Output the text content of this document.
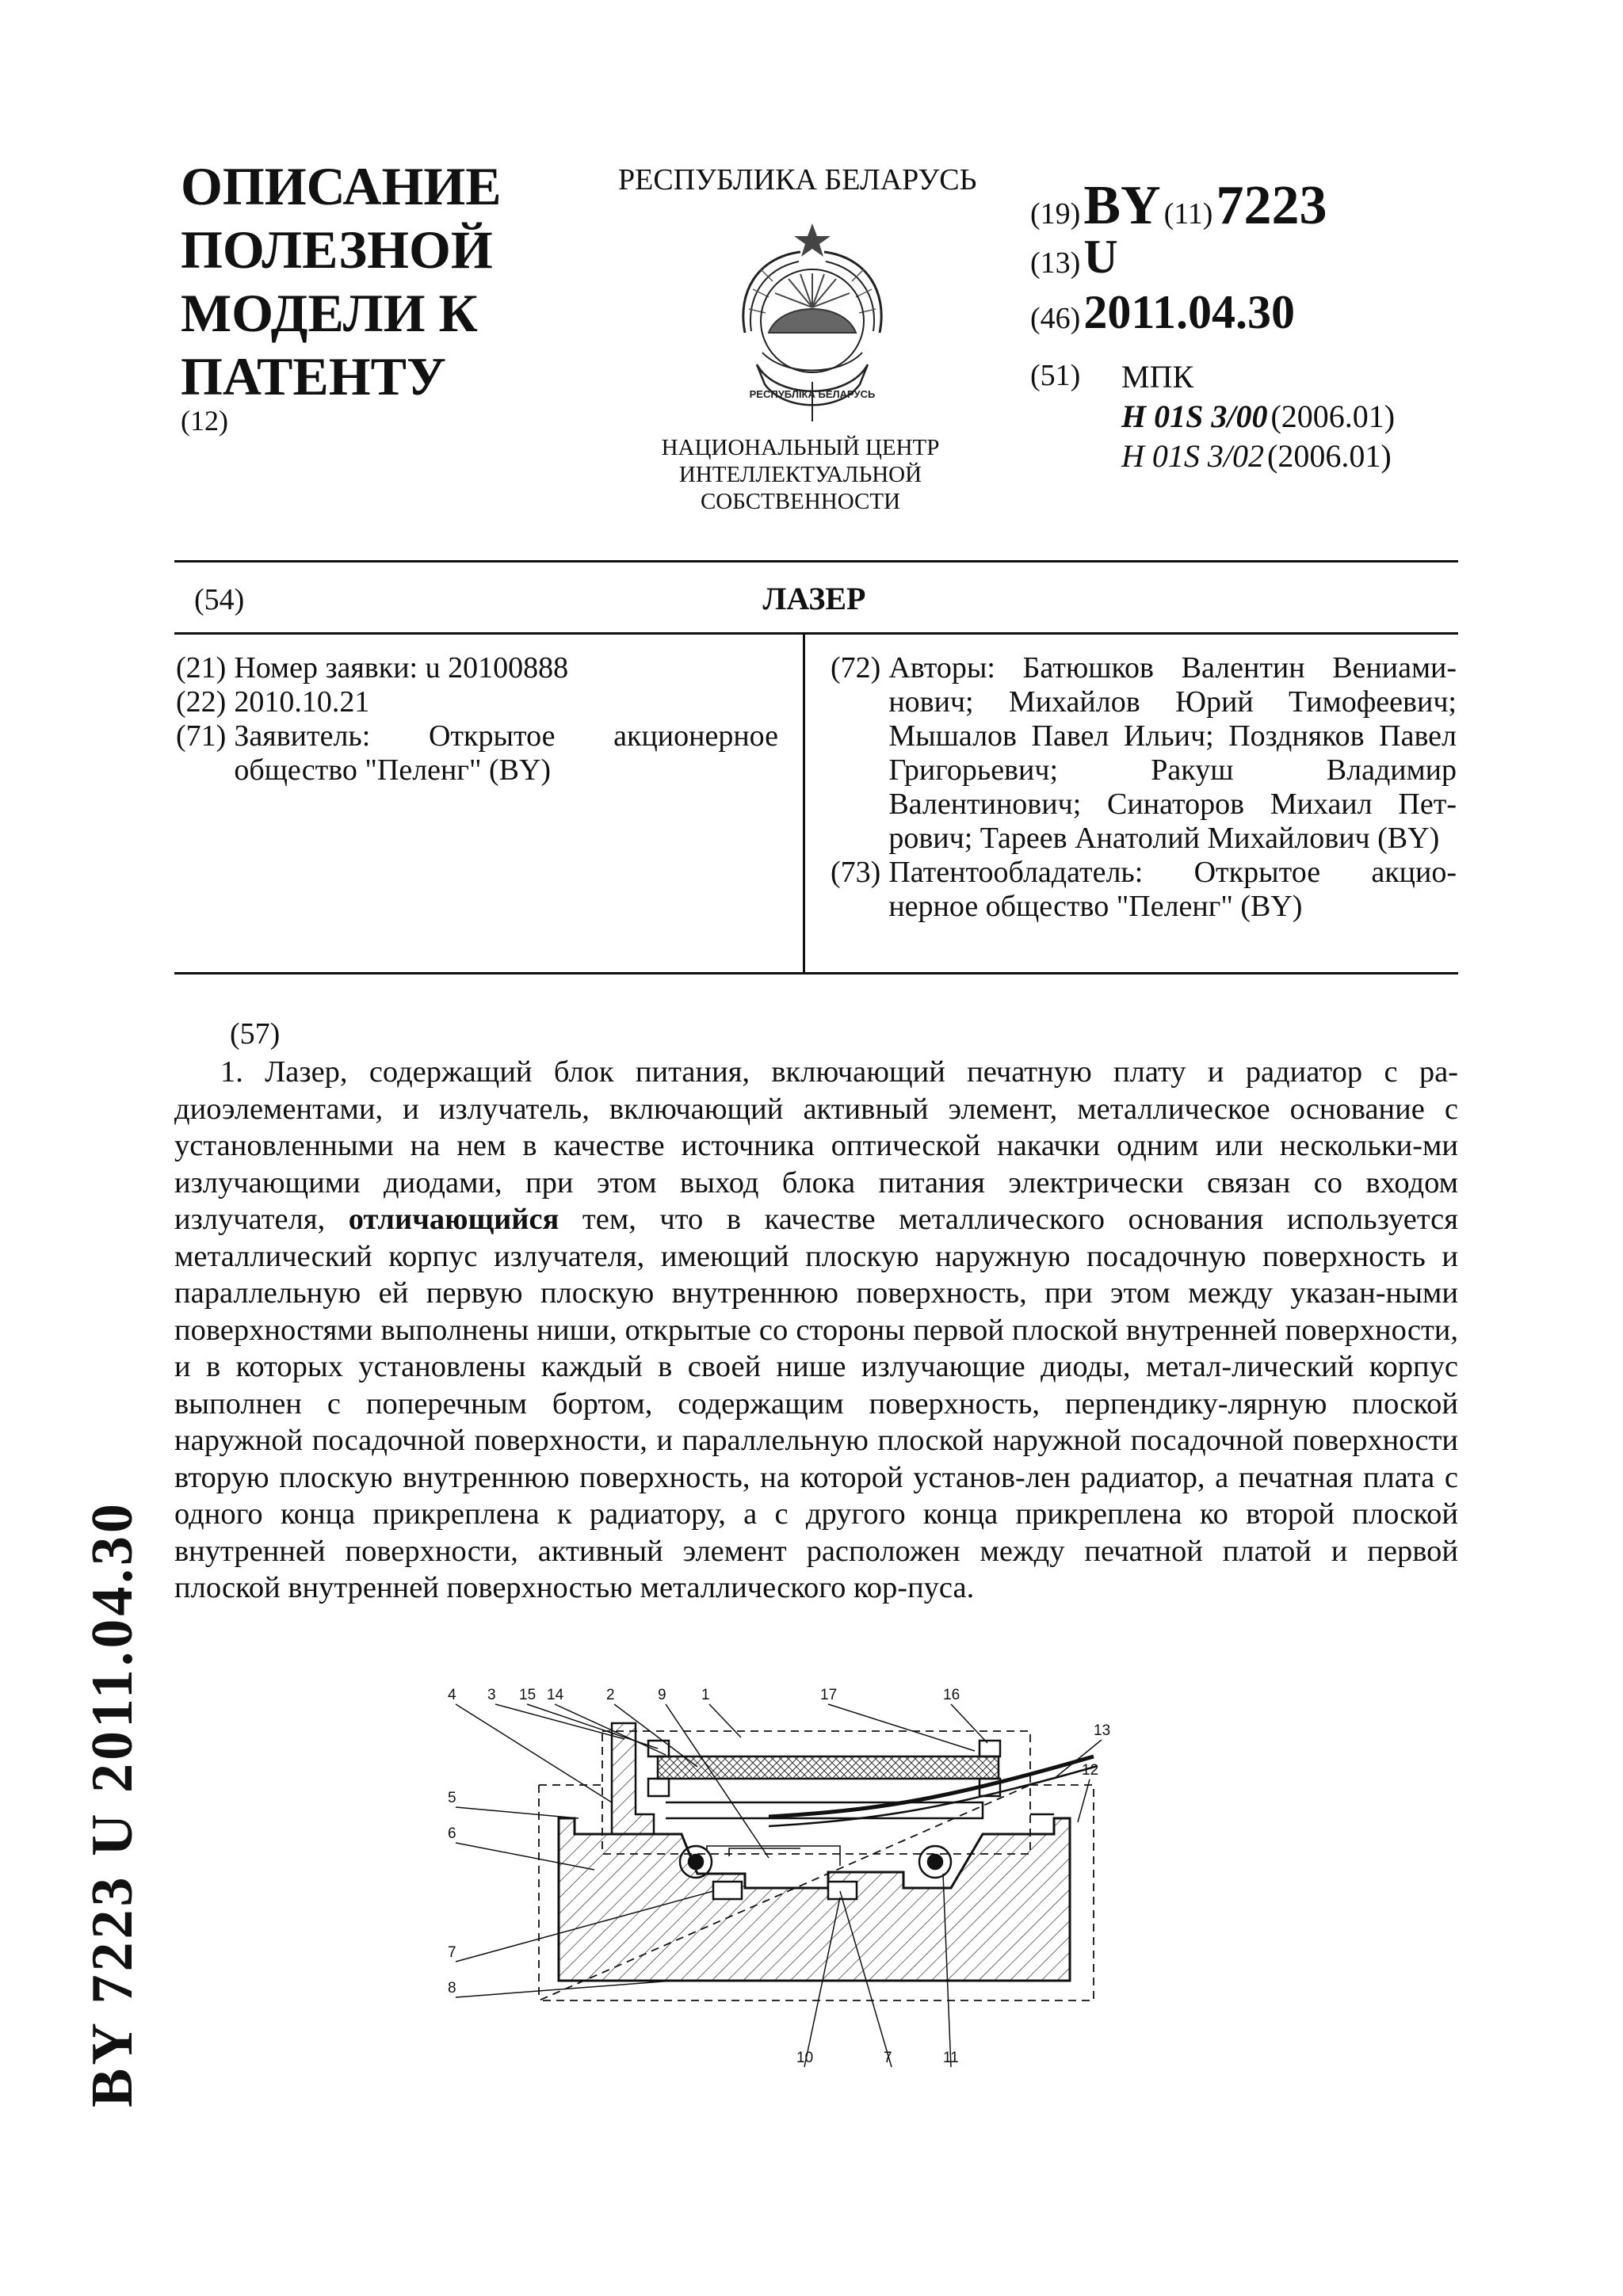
BY 7223 U 2011.04.30
ОПИСАНИЕ
ПОЛЕЗНОЙ
МОДЕЛИ К
ПАТЕНТУ
(12)
РЕСПУБЛИКА БЕЛАРУСЬ
РЕСПУБЛІКА БЕЛАРУСЬ
НАЦИОНАЛЬНЫЙ ЦЕНТР
ИНТЕЛЛЕКТУАЛЬНОЙ
СОБСТВЕННОСТИ
(19) BY (11) 7223
(13) U
(46) 2011.04.30
(51) МПК
H 01S 3/00 (2006.01)
H 01S 3/02 (2006.01)
(54)	ЛАЗЕР
(21) Номер заявки: u 20100888
(22) 2010.10.21
(71) Заявитель: Открытое акционерное общество "Пеленг" (BY)
(72) Авторы: Батюшков Валентин Вениами-нович; Михайлов Юрий Тимофеевич; Мышалов Павел Ильич; Поздняков Павел Григорьевич; Ракуш Владимир Валентинович; Синаторов Михаил Пет-рович; Тареев Анатолий Михайлович (BY)
(73) Патентообладатель: Открытое акцио-нерное общество "Пеленг" (BY)
(57)
1. Лазер, содержащий блок питания, включающий печатную плату и радиатор с ра-диоэлементами, и излучатель, включающий активный элемент, металлическое основание с установленными на нем в качестве источника оптической накачки одним или нескольки-ми излучающими диодами, при этом выход блока питания электрически связан со входом излучателя, отличающийся тем, что в качестве металлического основания используется металлический корпус излучателя, имеющий плоскую наружную посадочную поверхность и параллельную ей первую плоскую внутреннюю поверхность, при этом между указан-ными поверхностями выполнены ниши, открытые со стороны первой плоской внутренней поверхности, и в которых установлены каждый в своей нише излучающие диоды, метал-лический корпус выполнен с поперечным бортом, содержащим поверхность, перпендику-лярную плоской наружной посадочной поверхности, и параллельную плоской наружной посадочной поверхности вторую плоскую внутреннюю поверхность, на которой установ-лен радиатор, а печатная плата с одного конца прикреплена к радиатору, а с другого конца прикреплена ко второй плоской внутренней поверхности, активный элемент расположен между печатной платой и первой плоской внутренней поверхностью металлического кор-пуса.
4 3 15 14	2	9 1	17	16
13
12
5
6
7
8
10	7	11
